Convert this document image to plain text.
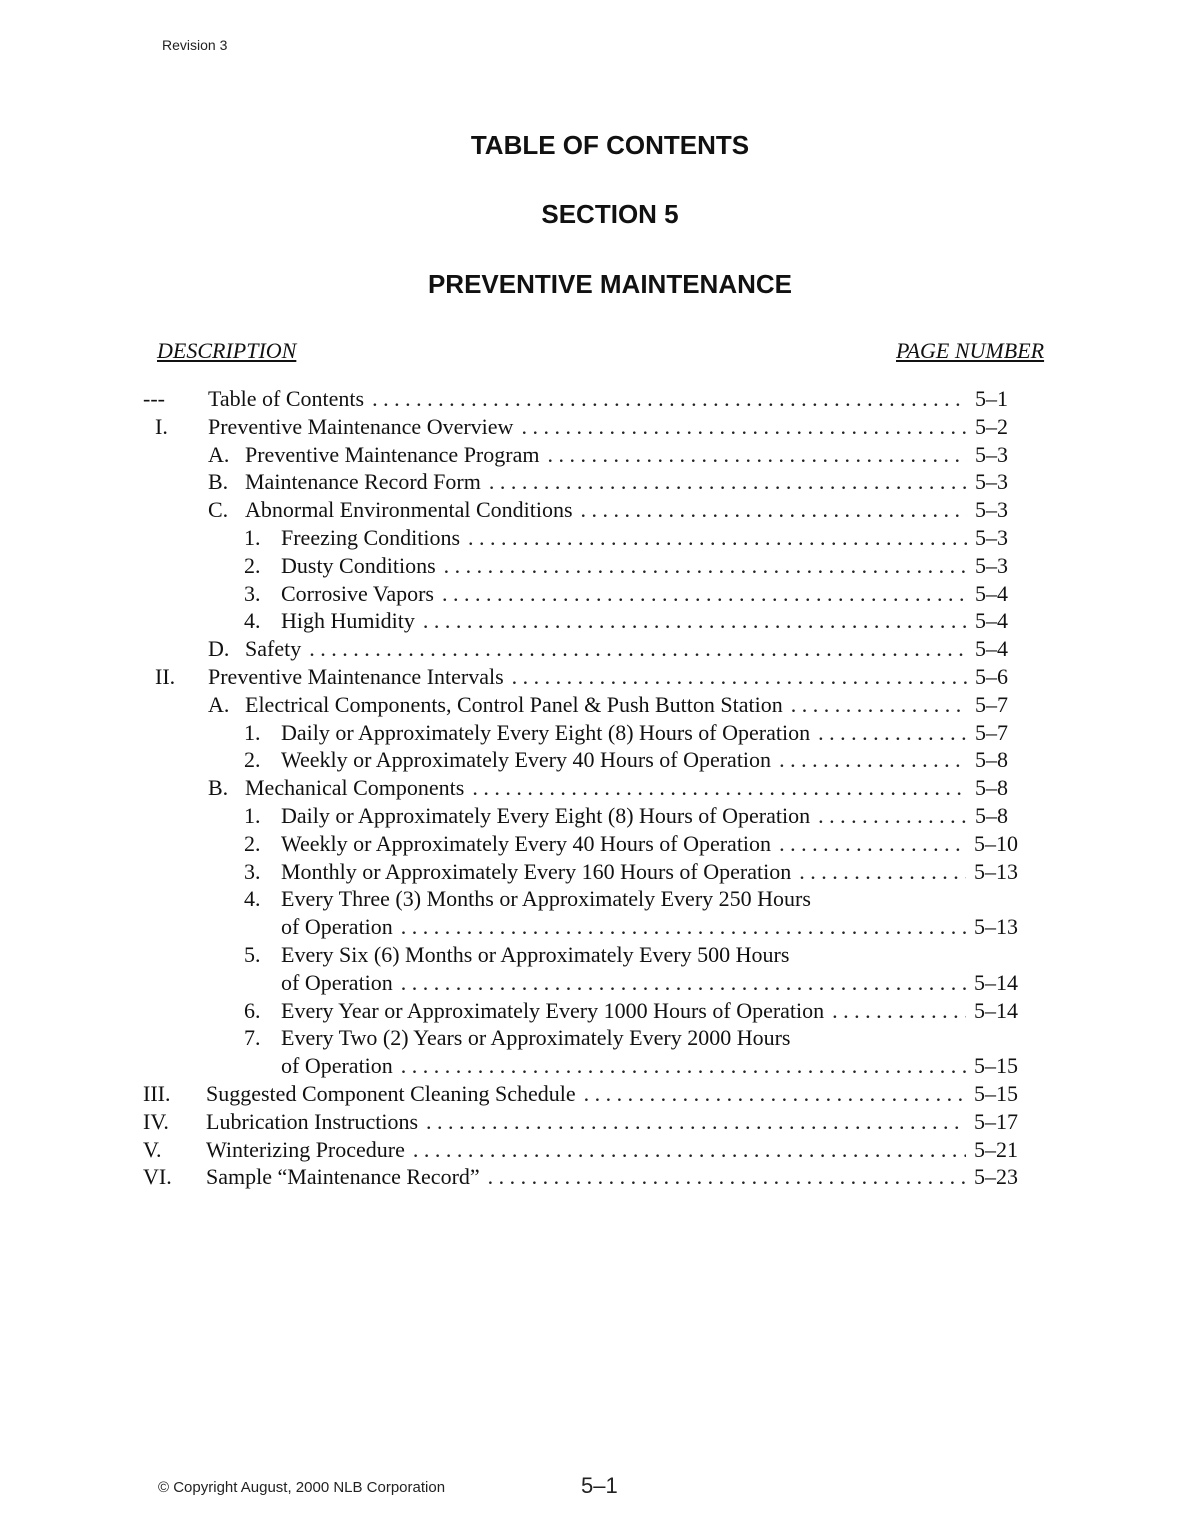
Revision 3
TABLE OF CONTENTS
SECTION 5
PREVENTIVE MAINTENANCE
DESCRIPTION	PAGE NUMBER
--- Table of Contents . . .	5–1
I. Preventive Maintenance Overview . . .	5–2
A. Preventive Maintenance Program . . .	5–3
B. Maintenance Record Form . . .	5–3
C. Abnormal Environmental Conditions . . .	5–3
1. Freezing Conditions . . .	5–3
2. Dusty Conditions . . .	5–3
3. Corrosive Vapors . . .	5–4
4. High Humidity . . .	5–4
D. Safety . . .	5–4
II. Preventive Maintenance Intervals . . .	5–6
A. Electrical Components, Control Panel & Push Button Station . . .	5–7
1. Daily or Approximately Every Eight (8) Hours of Operation . . .	5–7
2. Weekly or Approximately Every 40 Hours of Operation . . .	5–8
B. Mechanical Components . . .	5–8
1. Daily or Approximately Every Eight (8) Hours of Operation . . .	5–8
2. Weekly or Approximately Every 40 Hours of Operation . . .	5–10
3. Monthly or Approximately Every 160 Hours of Operation . . .	5–13
4. Every Three (3) Months or Approximately Every 250 Hours
of Operation . . .	5–13
5. Every Six (6) Months or Approximately Every 500 Hours
of Operation . . .	5–14
6. Every Year or Approximately Every 1000 Hours of Operation . . .	5–14
7. Every Two (2) Years or Approximately Every 2000 Hours
of Operation . . .	5–15
III. Suggested Component Cleaning Schedule . . .	5–15
IV. Lubrication Instructions . . .	5–17
V. Winterizing Procedure . . .	5–21
VI. Sample “Maintenance Record” . . .	5–23
© Copyright August, 2000 NLB Corporation	5–1
